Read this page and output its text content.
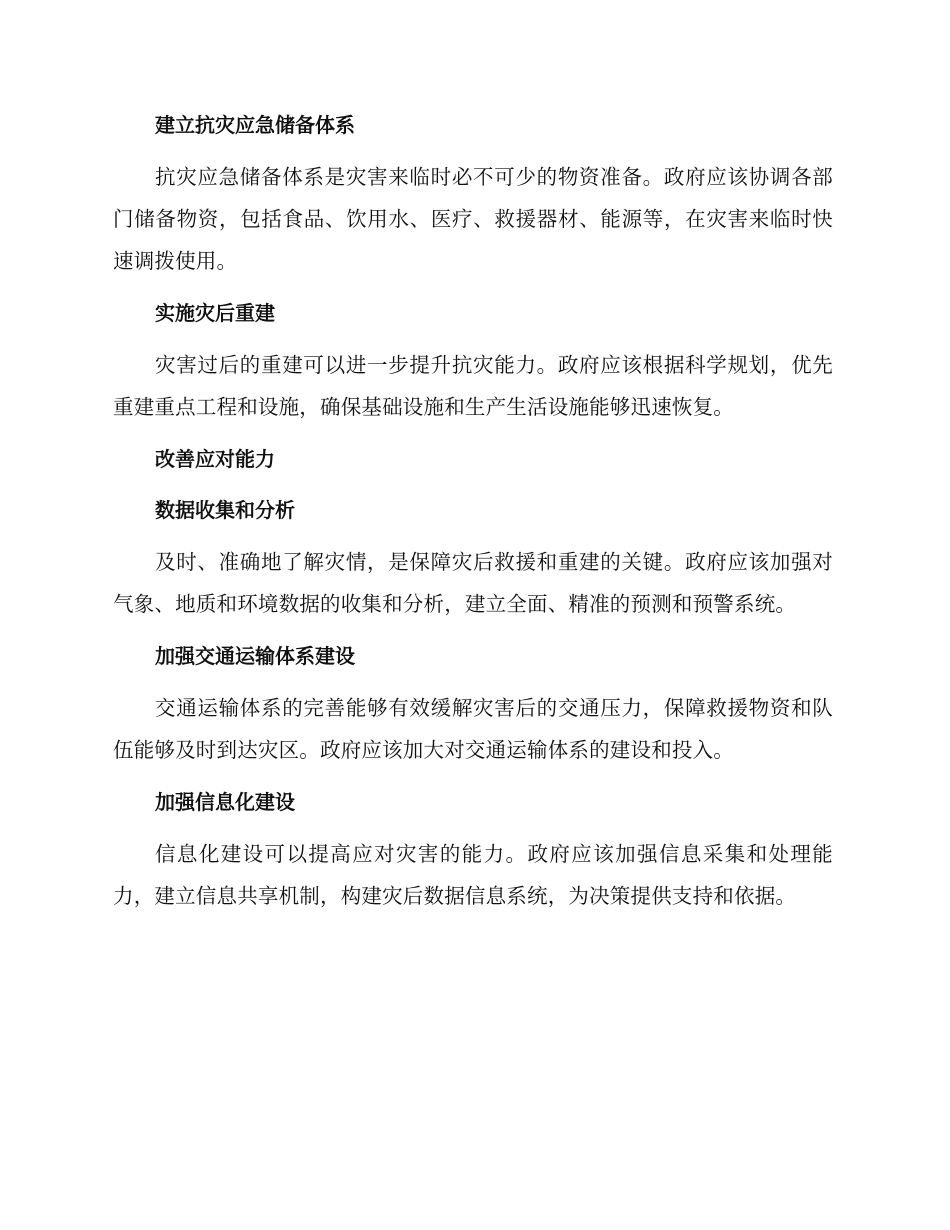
建立抗灾应急储备体系

抗灾应急储备体系是灾害来临时必不可少的物资准备。政府应该协调各部门储备物资，包括食品、饮用水、医疗、救援器材、能源等，在灾害来临时快速调拨使用。

实施灾后重建

灾害过后的重建可以进一步提升抗灾能力。政府应该根据科学规划，优先重建重点工程和设施，确保基础设施和生产生活设施能够迅速恢复。

改善应对能力
数据收集和分析

及时、准确地了解灾情，是保障灾后救援和重建的关键。政府应该加强对气象、地质和环境数据的收集和分析，建立全面、精准的预测和预警系统。

加强交通运输体系建设

交通运输体系的完善能够有效缓解灾害后的交通压力，保障救援物资和队伍能够及时到达灾区。政府应该加大对交通运输体系的建设和投入。

加强信息化建设

信息化建设可以提高应对灾害的能力。政府应该加强信息采集和处理能力，建立信息共享机制，构建灾后数据信息系统，为决策提供支持和依据。
